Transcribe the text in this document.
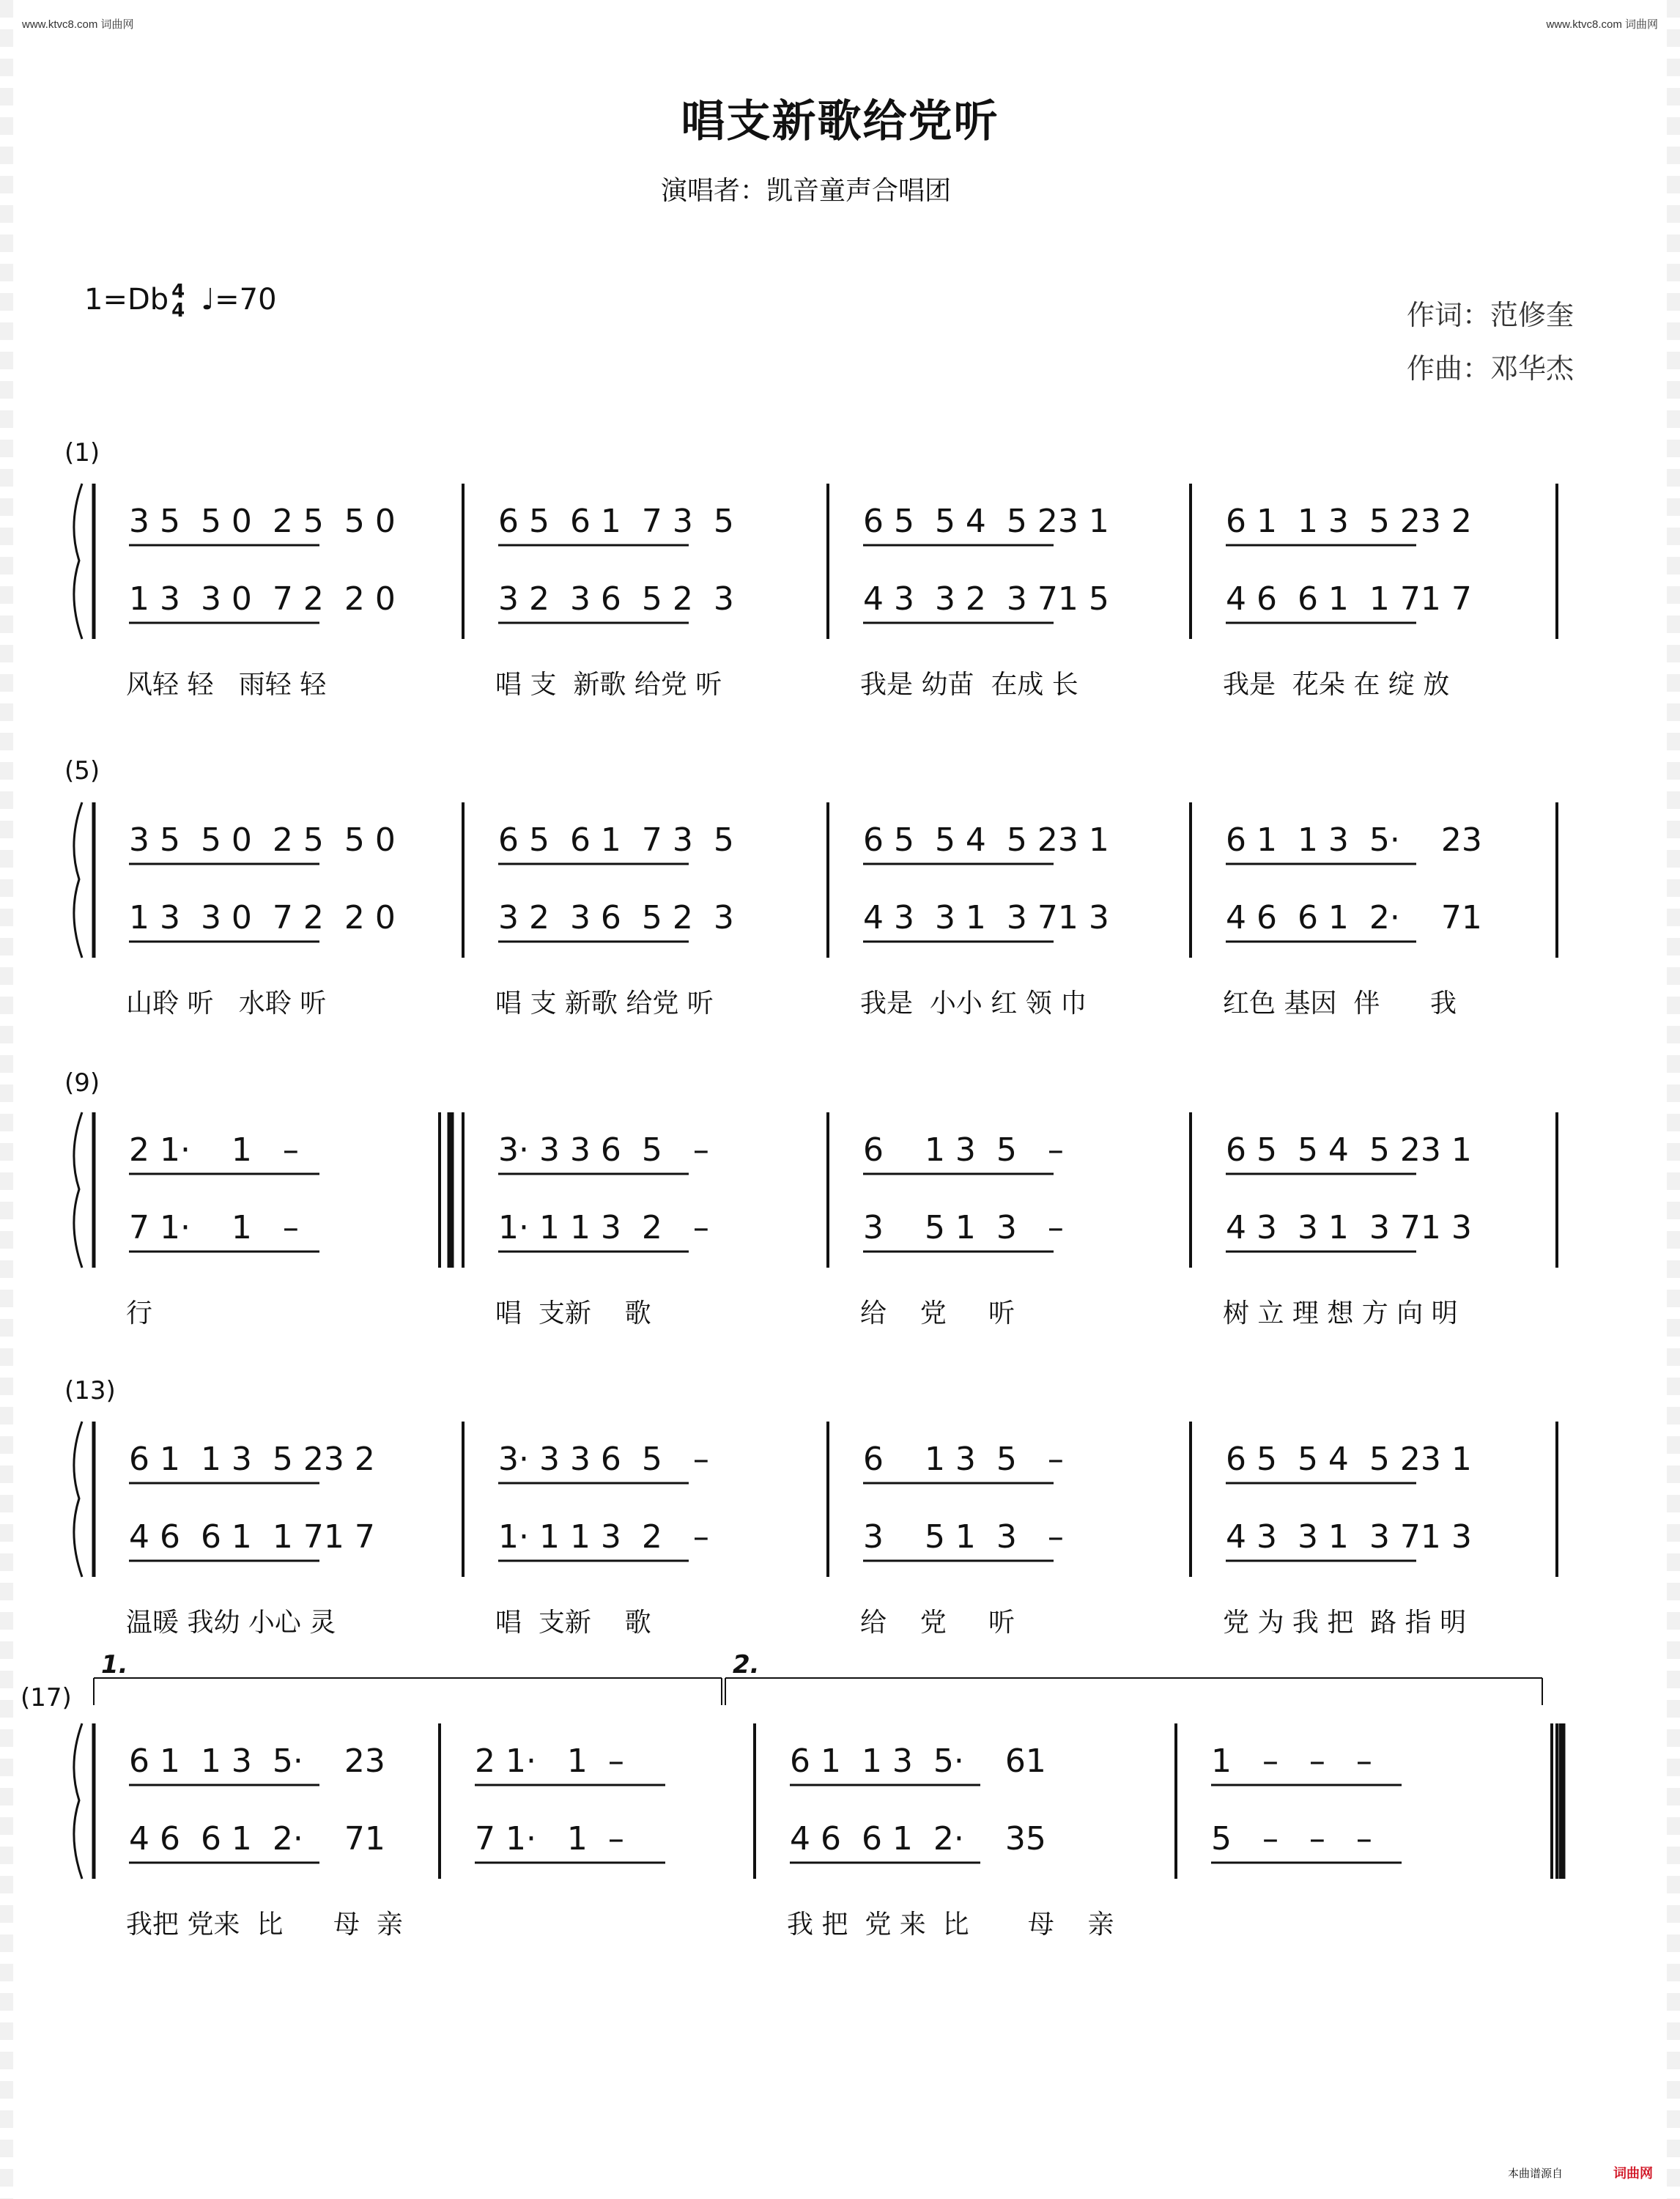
www.ktvc8.com 词曲网	www.ktvc8.com 词曲网
唱支新歌给党听
演唱者：凯音童声合唱团
1=Db 4
4 ♩=70	作词：范修奎
作曲：邓华杰
(1)
3 5  5 0  2 5  5 0
1 3  3 0  7 2  2 0
风轻 轻   雨轻 轻
6 5  6 1  7 3  5
3 2  3 6  5 2  3
唱 支  新歌 给党 听
6 5  5 4  5 23 1
4 3  3 2  3 71 5
我是 幼苗  在成 长
6 1  1 3  5 23 2
4 6  6 1  1 71 7
我是  花朵 在 绽 放
(5)
3 5  5 0  2 5  5 0
1 3  3 0  7 2  2 0
山聆 听   水聆 听
6 5  6 1  7 3  5
3 2  3 6  5 2  3
唱 支 新歌 给党 听
6 5  5 4  5 23 1
4 3  3 1  3 71 3
我是  小小 红 领 巾
6 1  1 3  5·    23
4 6  6 1  2·    71
红色 基因  伴      我
(9)
2 1·    1   –
7 1·    1   –
行
3· 3 3 6  5   –
1· 1 1 3  2   –
唱  支新    歌
6    1 3  5   –
3    5 1  3   –
给    党     听
6 5  5 4  5 23 1
4 3  3 1  3 71 3
树 立 理 想 方 向 明
(13)
6 1  1 3  5 23 2
4 6  6 1  1 71 7
温暖 我幼 小心 灵
3· 3 3 6  5   –
1· 1 1 3  2   –
唱  支新    歌
6    1 3  5   –
3    5 1  3   –
给    党     听
6 5  5 4  5 23 1
4 3  3 1  3 71 3
党 为 我 把  路 指 明
(17)
6 1  1 3  5·    23
4 6  6 1  2·    71
我把 党来  比      母  亲
2 1·   1  –
7 1·   1  –
6 1  1 3  5·    61
4 6  6 1  2·    35
我 把  党 来  比       母    亲
1   –   –   –
5   –   –   –
1.	2.
本曲谱源自	词曲网
